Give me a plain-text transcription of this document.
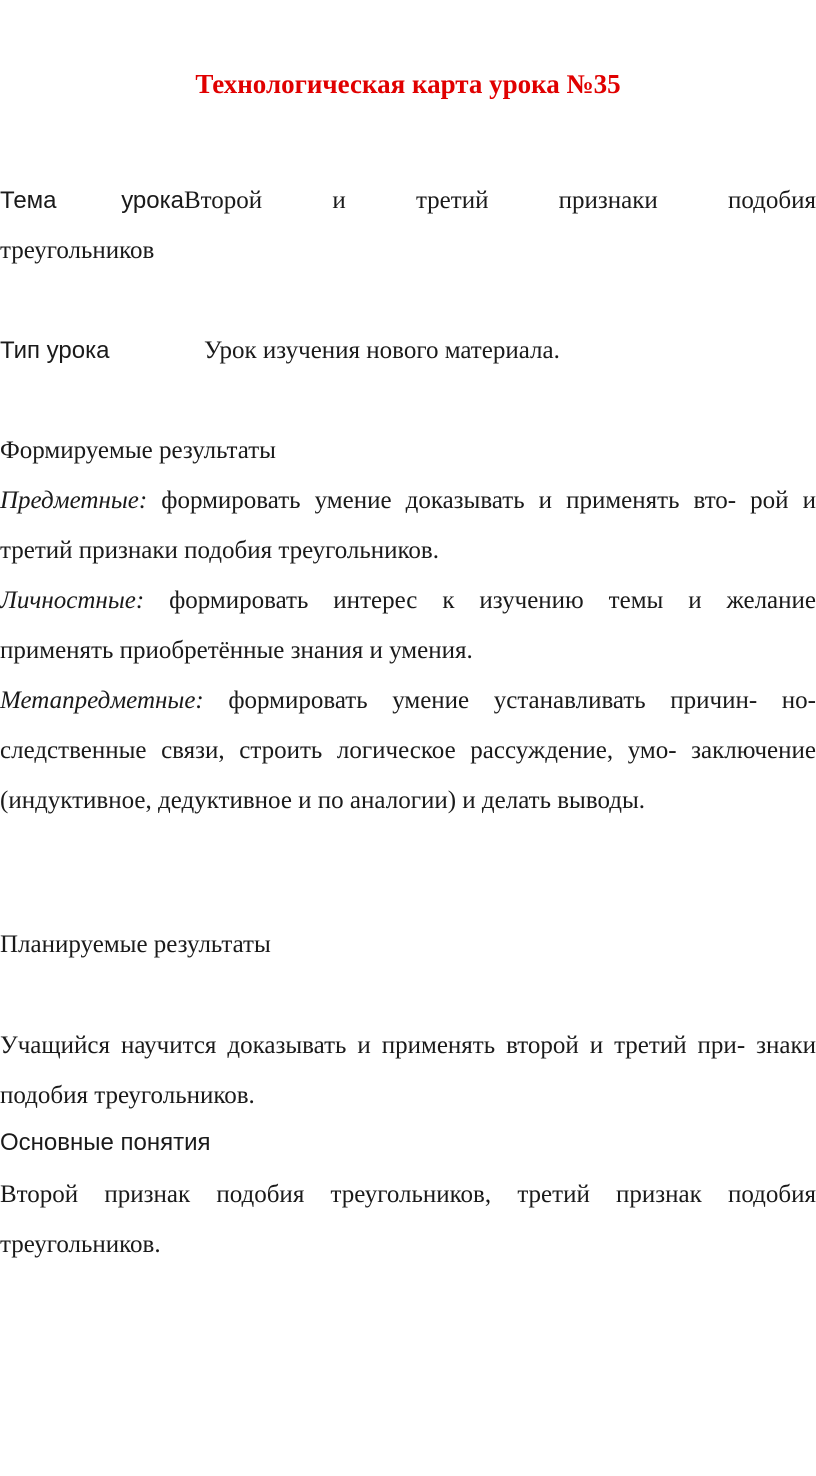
Технологическая карта урока №35
Тема урокаВторой и третий признаки подобия
треугольников
Тип урока	Урок изучения нового материала.

Формируемые результаты

Предметные: формировать умение доказывать и применять вто- рой и

третий признаки подобия треугольников.

Личностные: формировать интерес к изучению темы и желание

применять приобретённые знания и умения.

Метапредметные: формировать умение устанавливать причин- но-

следственные связи, строить логическое рассуждение, умо- заключение

(индуктивное, дедуктивное и по аналогии) и делать выводы.

Планируемые результаты
Учащийся научится доказывать и применять второй и третий при- знаки
подобия треугольников.
Основные понятия
Второй признак подобия треугольников, третий признак подобия
треугольников.
